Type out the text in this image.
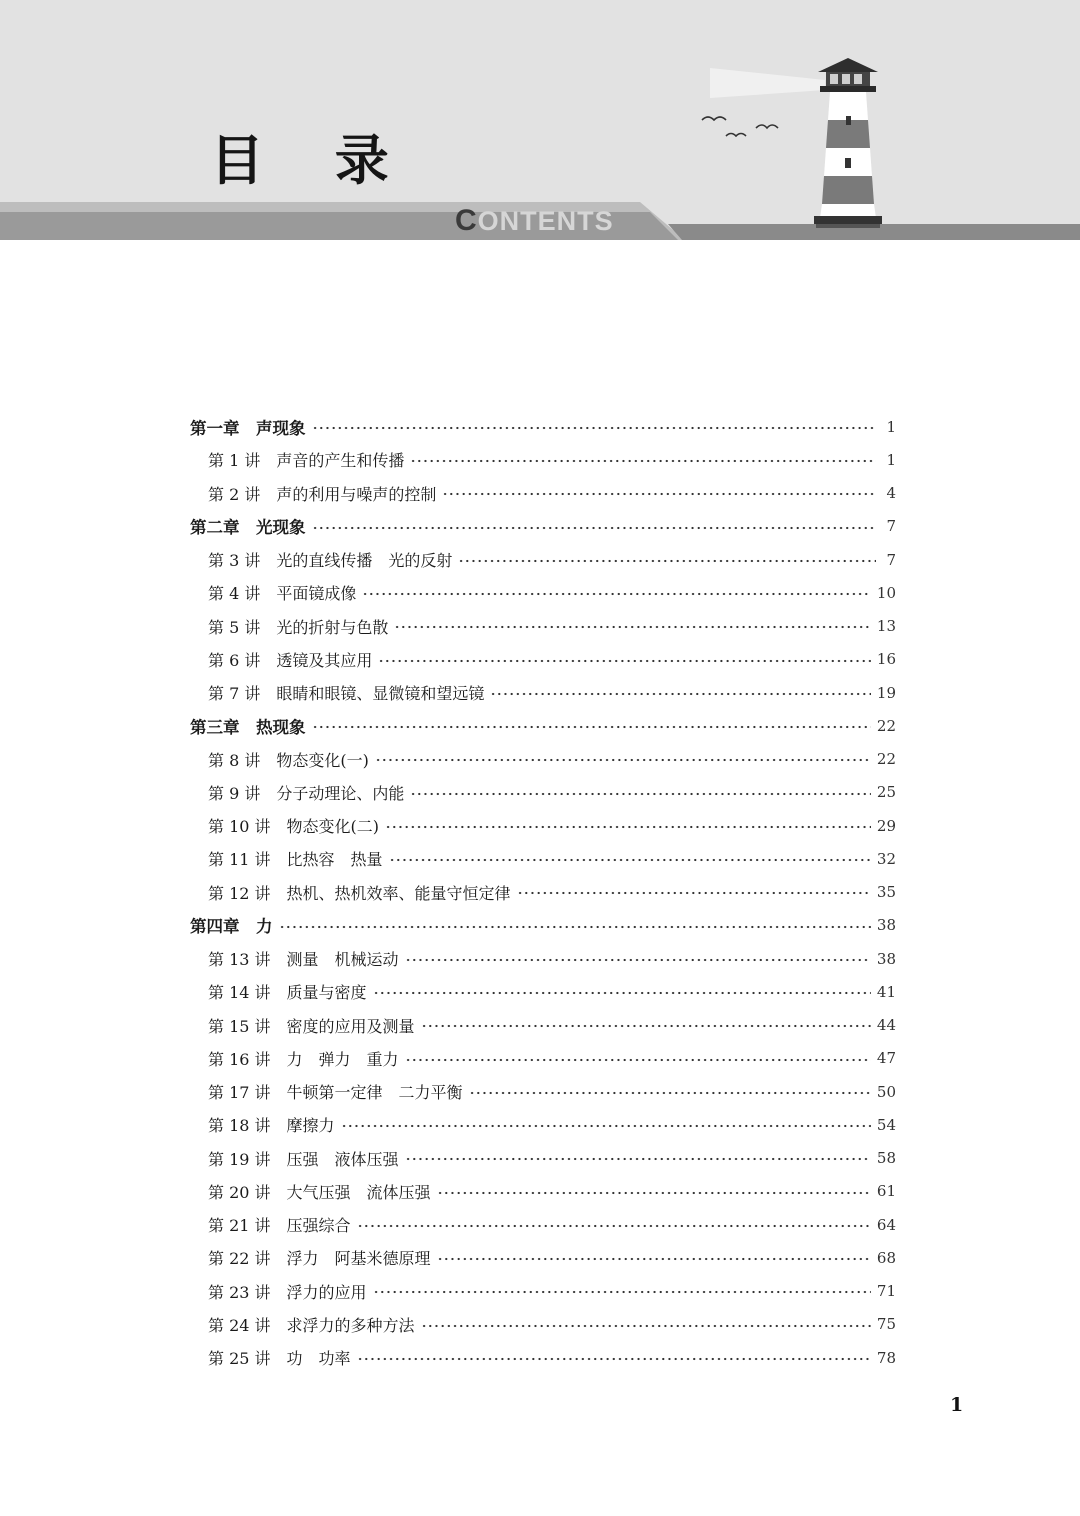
目 录
CONTENTS
第一章　声现象	1
第 1 讲　声音的产生和传播	1
第 2 讲　声的利用与噪声的控制	4
第二章　光现象	7
第 3 讲　光的直线传播　光的反射	7
第 4 讲　平面镜成像	10
第 5 讲　光的折射与色散	13
第 6 讲　透镜及其应用	16
第 7 讲　眼睛和眼镜、显微镜和望远镜	19
第三章　热现象	22
第 8 讲　物态变化(一)	22
第 9 讲　分子动理论、内能	25
第 10 讲　物态变化(二)	29
第 11 讲　比热容　热量	32
第 12 讲　热机、热机效率、能量守恒定律	35
第四章　力	38
第 13 讲　测量　机械运动	38
第 14 讲　质量与密度	41
第 15 讲　密度的应用及测量	44
第 16 讲　力　弹力　重力	47
第 17 讲　牛顿第一定律　二力平衡	50
第 18 讲　摩擦力	54
第 19 讲　压强　液体压强	58
第 20 讲　大气压强　流体压强	61
第 21 讲　压强综合	64
第 22 讲　浮力　阿基米德原理	68
第 23 讲　浮力的应用	71
第 24 讲　求浮力的多种方法	75
第 25 讲　功　功率	78
1
